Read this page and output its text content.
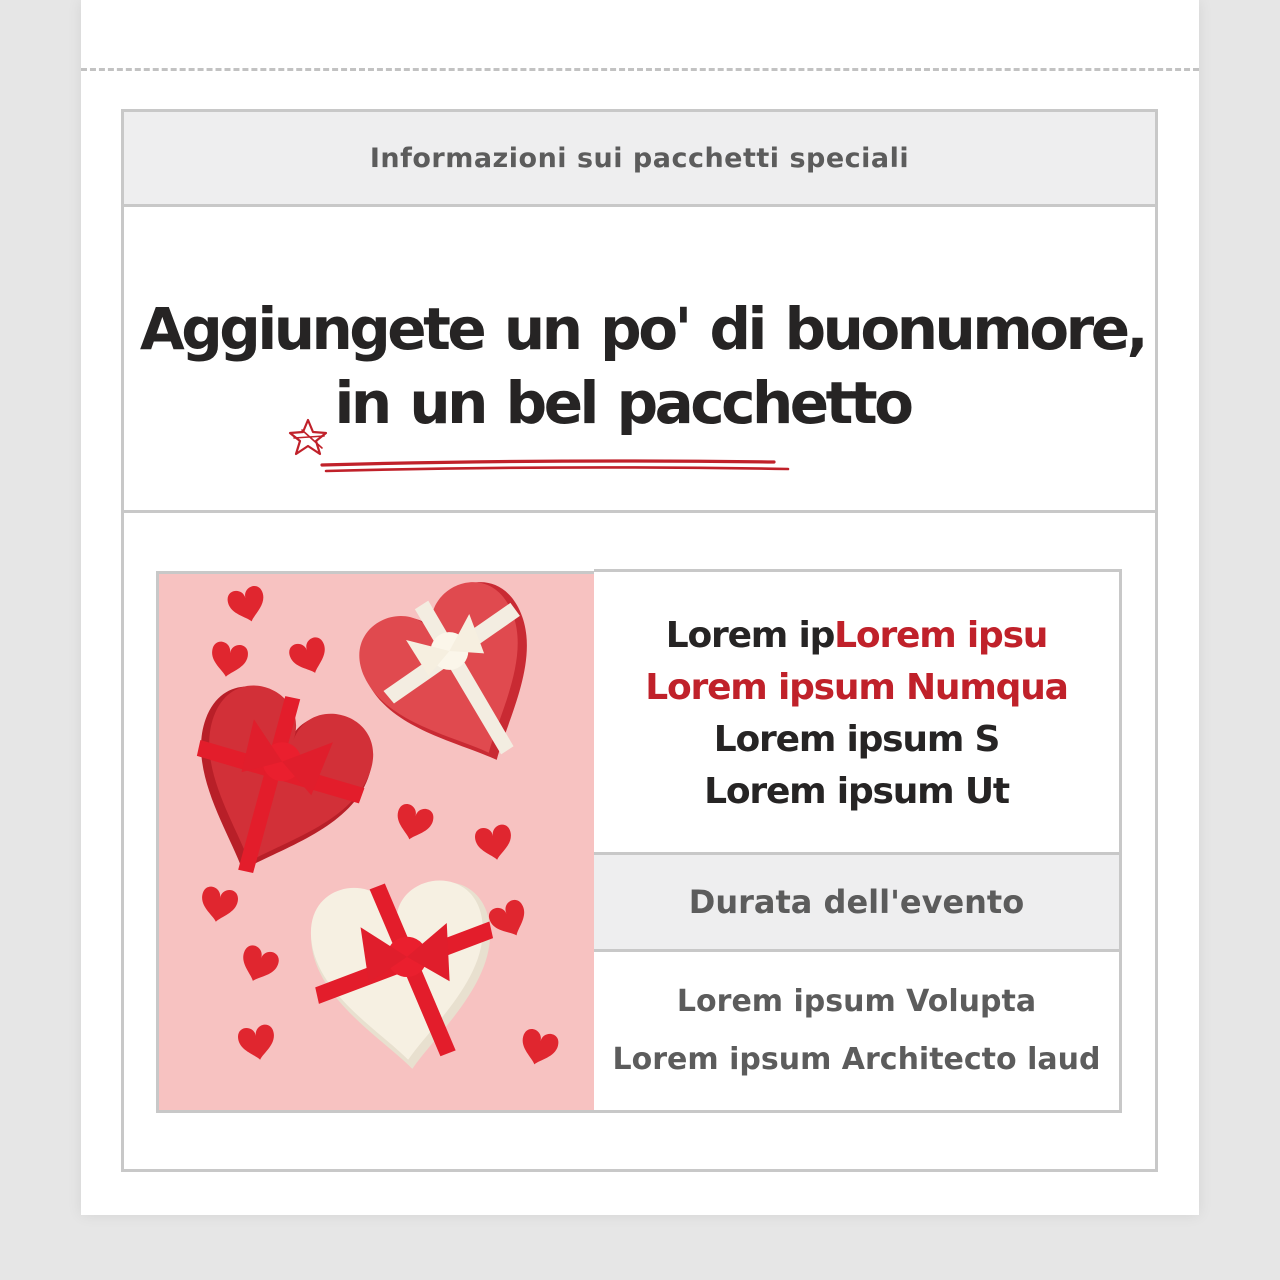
Informazioni sui pacchetti speciali
Aggiungete un po' di buonumore,
in un bel pacchetto
Lorem ipLorem ipsu
Lorem ipsum Numqua
Lorem ipsum S
Lorem ipsum Ut
Durata dell'evento
Lorem ipsum Volupta
Lorem ipsum Architecto laud
